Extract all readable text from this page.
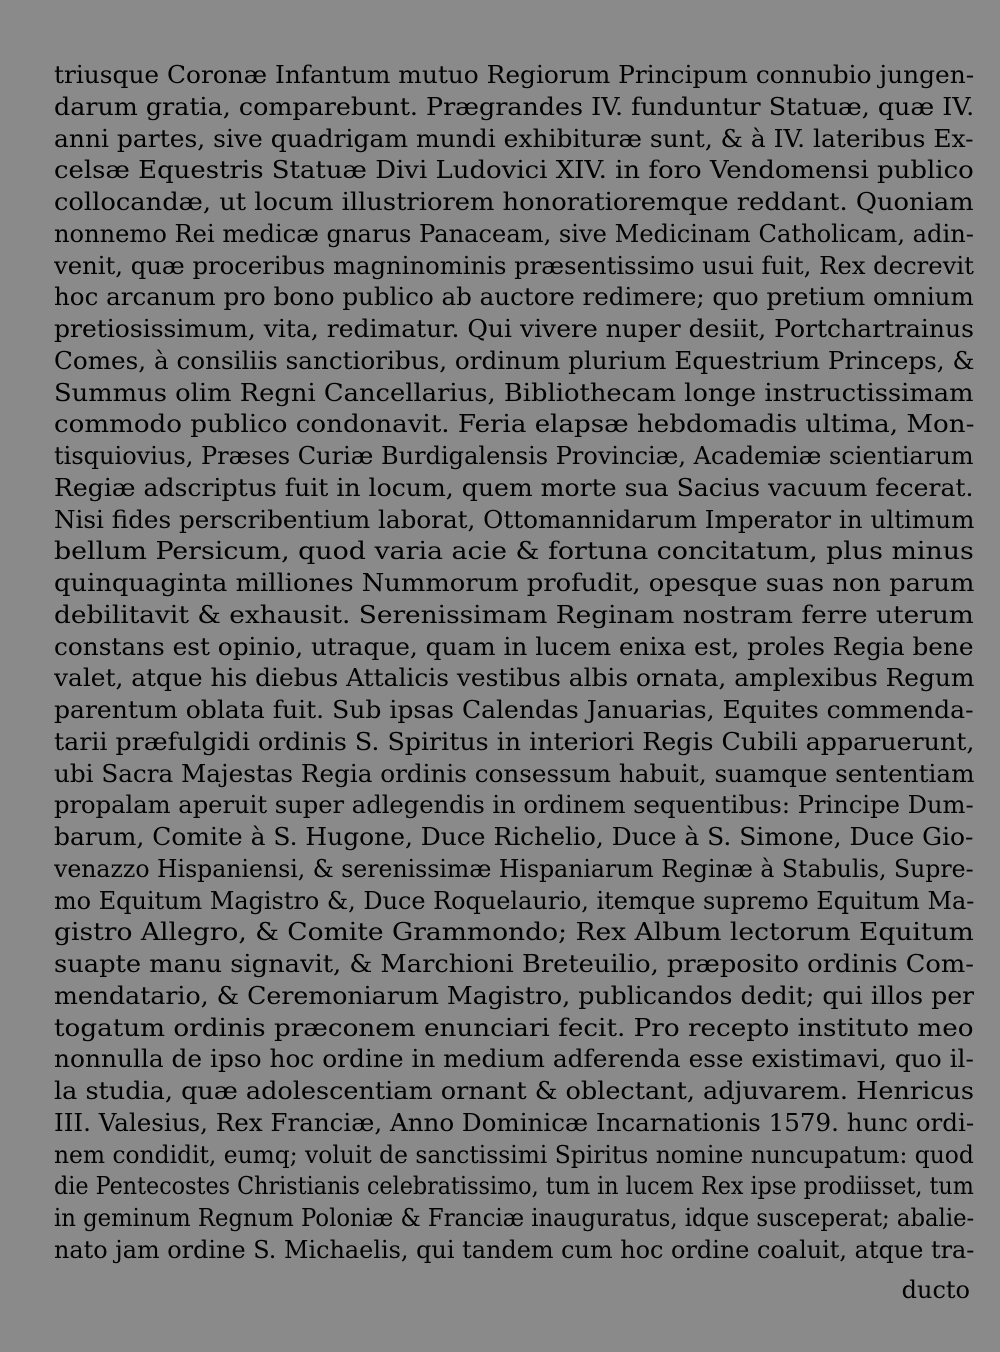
triusque Coronæ Infantum mutuo Regiorum Principum connubio jungen-
darum gratia, comparebunt. Prægrandes IV. funduntur Statuæ, quæ IV.
anni partes, sive quadrigam mundi exhibituræ sunt, & à IV. lateribus Ex-
celsæ Equestris Statuæ Divi Ludovici XIV. in foro Vendomensi publico
collocandæ, ut locum illustriorem honoratioremque reddant. Quoniam
nonnemo Rei medicæ gnarus Panaceam, sive Medicinam Catholicam, adin-
venit, quæ proceribus magninominis præsentissimo usui fuit, Rex decrevit
hoc arcanum pro bono publico ab auctore redimere; quo pretium omnium
pretiosissimum, vita, redimatur. Qui vivere nuper desiit, Portchartrainus
Comes, à consiliis sanctioribus, ordinum plurium Equestrium Princeps, &
Summus olim Regni Cancellarius, Bibliothecam longe instructissimam
commodo publico condonavit. Feria elapsæ hebdomadis ultima, Mon-
tisquiovius, Præses Curiæ Burdigalensis Provinciæ, Academiæ scientiarum
Regiæ adscriptus fuit in locum, quem morte sua Sacius vacuum fecerat.
Nisi fides perscribentium laborat, Ottomannidarum Imperator in ultimum
bellum Persicum, quod varia acie & fortuna concitatum, plus minus
quinquaginta milliones Nummorum profudit, opesque suas non parum
debilitavit & exhausit. Serenissimam Reginam nostram ferre uterum
constans est opinio, utraque, quam in lucem enixa est, proles Regia bene
valet, atque his diebus Attalicis vestibus albis ornata, amplexibus Regum
parentum oblata fuit. Sub ipsas Calendas Januarias, Equites commenda-
tarii præfulgidi ordinis S. Spiritus in interiori Regis Cubili apparuerunt,
ubi Sacra Majestas Regia ordinis consessum habuit, suamque sententiam
propalam aperuit super adlegendis in ordinem sequentibus: Principe Dum-
barum, Comite à S. Hugone, Duce Richelio, Duce à S. Simone, Duce Gio-
venazzo Hispaniensi, & serenissimæ Hispaniarum Reginæ à Stabulis, Supre-
mo Equitum Magistro &, Duce Roquelaurio, itemque supremo Equitum Ma-
gistro Allegro, & Comite Grammondo; Rex Album lectorum Equitum
suapte manu signavit, & Marchioni Breteuilio, præposito ordinis Com-
mendatario, & Ceremoniarum Magistro, publicandos dedit; qui illos per
togatum ordinis præconem enunciari fecit. Pro recepto instituto meo
nonnulla de ipso hoc ordine in medium adferenda esse existimavi, quo il-
la studia, quæ adolescentiam ornant & oblectant, adjuvarem. Henricus
III. Valesius, Rex Franciæ, Anno Dominicæ Incarnationis 1579. hunc ordi-
nem condidit, eumq; voluit de sanctissimi Spiritus nomine nuncupatum: quod
die Pentecostes Christianis celebratissimo, tum in lucem Rex ipse prodiisset, tum
in geminum Regnum Poloniæ & Franciæ inauguratus, idque susceperat; abalie-
nato jam ordine S. Michaelis, qui tandem cum hoc ordine coaluit, atque tra-
ducto
